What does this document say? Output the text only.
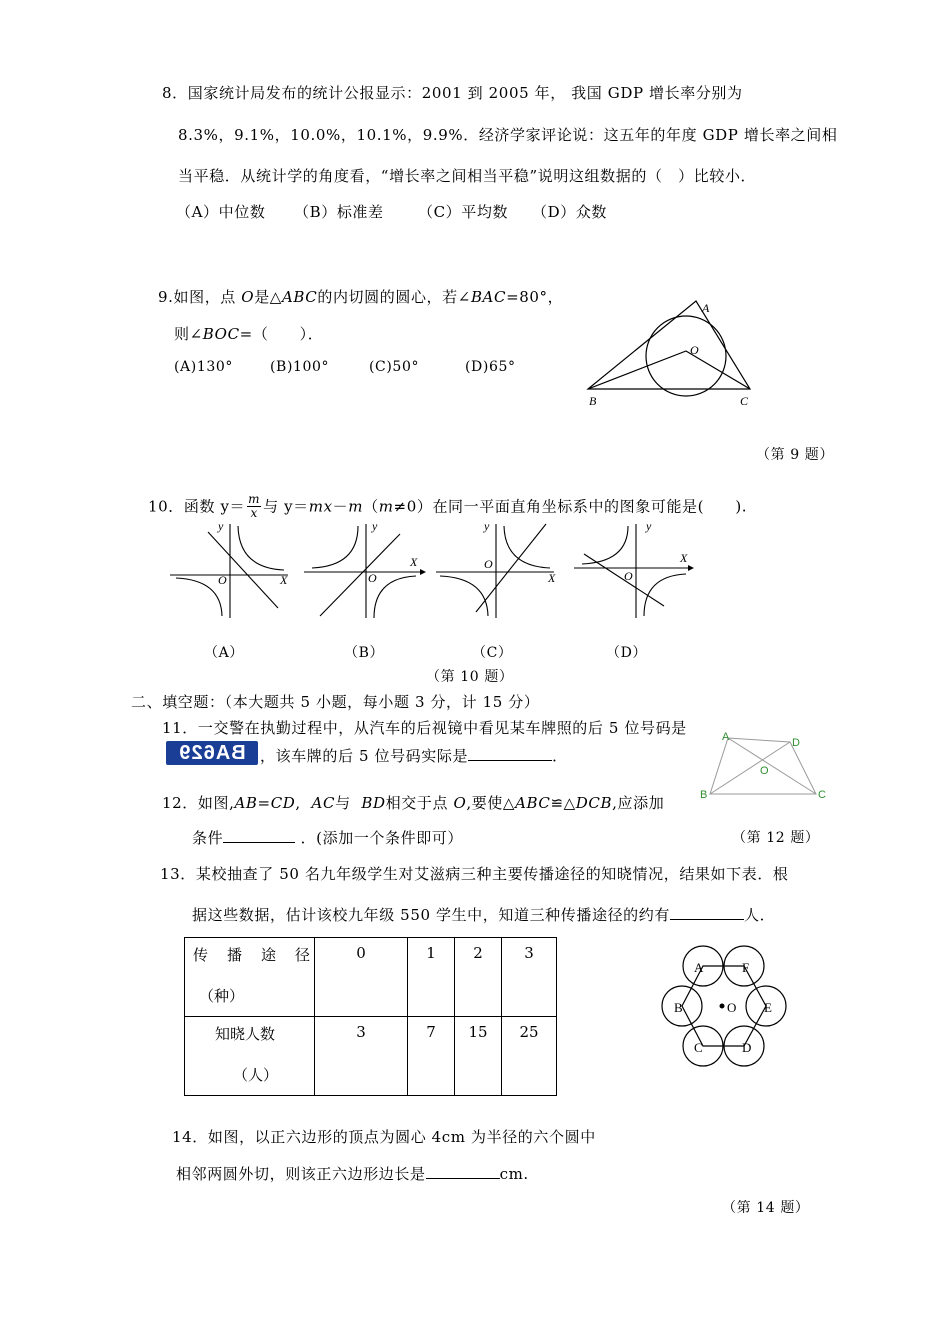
8．国家统计局发布的统计公报显示：2001 到 2005 年， 我国 GDP 增长率分别为
8.3%，9.1%，10.0%，10.1%，9.9%．经济学家评论说：这五年的年度 GDP 增长率之间相
当平稳．从统计学的角度看，“增长率之间相当平稳”说明这组数据的（　）比较小．
（A）中位数 （B）标准差 （C）平均数 （D）众数
9.如图，点 O是△ABC的内切圆的圆心，若∠BAC=80°，
则∠BOC=（　　）．
(A)130°	(B)100°	(C)50°	(D)65°
A
B	C
O
（第 9 题）
10．函数 $y= \frac{m}{x}$ 与 y＝mx－m（m≠0）在同一平面直角坐标系中的图象可能是(　　).
y
X
O
y
X
O
y
X
O
y
X
O
（A）	（B）	（C）	（D）
（第 10 题）
二、填空题：（本大题共 5 小题，每小题 3 分，计 15 分）
11．一交警在执勤过程中，从汽车的后视镜中看见某车牌照的后 5 位号码是
BA629 ，该车牌的后 5 位号码实际是	．
A	D
O
B	C
12．如图,AB=CD, AC与  BD相交于点 O,要使△ABC≌△DCB,应添加
条件	．(添加一个条件即可）	（第 12 题）
13．某校抽查了 50 名九年级学生对艾滋病三种主要传播途径的知晓情况，结果如下表．根
据这些数据，估计该校九年级 550 学生中，知道三种传播途径的约有	人．
传　播　途　径
（种）	0	1	2	3

知晓人数
（人）	3	7	15	25
A	F
B	E
C	D
O
14．如图，以正六边形的顶点为圆心 4cm 为半径的六个圆中
相邻两圆外切，则该正六边形边长是	cm.
（第 14 题）
